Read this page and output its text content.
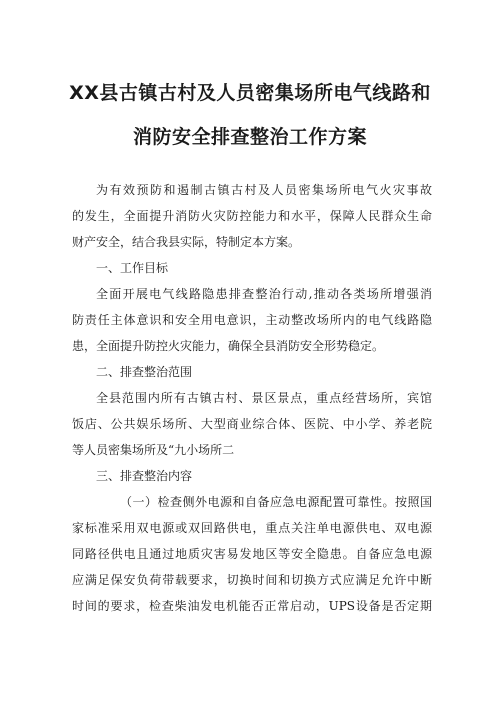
XX县古镇古村及人员密集场所电气线路和
消防安全排查整治工作方案
为有效预防和遏制古镇古村及人员密集场所电气火灾事故
的发生，全面提升消防火灾防控能力和水平，保障人民群众生命
财产安全，结合我县实际，特制定本方案。
一、工作目标
全面开展电气线路隐患排查整治行动,推动各类场所增强消
防责任主体意识和安全用电意识，主动整改场所内的电气线路隐
患，全面提升防控火灾能力，确保全县消防安全形势稳定。
二、排查整治范围
全县范围内所有古镇古村、景区景点，重点经营场所，宾馆
饭店、公共娱乐场所、大型商业综合体、医院、中小学、养老院
等人员密集场所及“九小场所二
三、排查整治内容
（一）检查侧外电源和自备应急电源配置可靠性。按照国
家标准采用双电源或双回路供电，重点关注单电源供电、双电源
同路径供电且通过地质灾害易发地区等安全隐患。自备应急电源
应满足保安负荷带载要求，切换时间和切换方式应满足允许中断
时间的要求，检查柴油发电机能否正常启动，UPS设备是否定期
